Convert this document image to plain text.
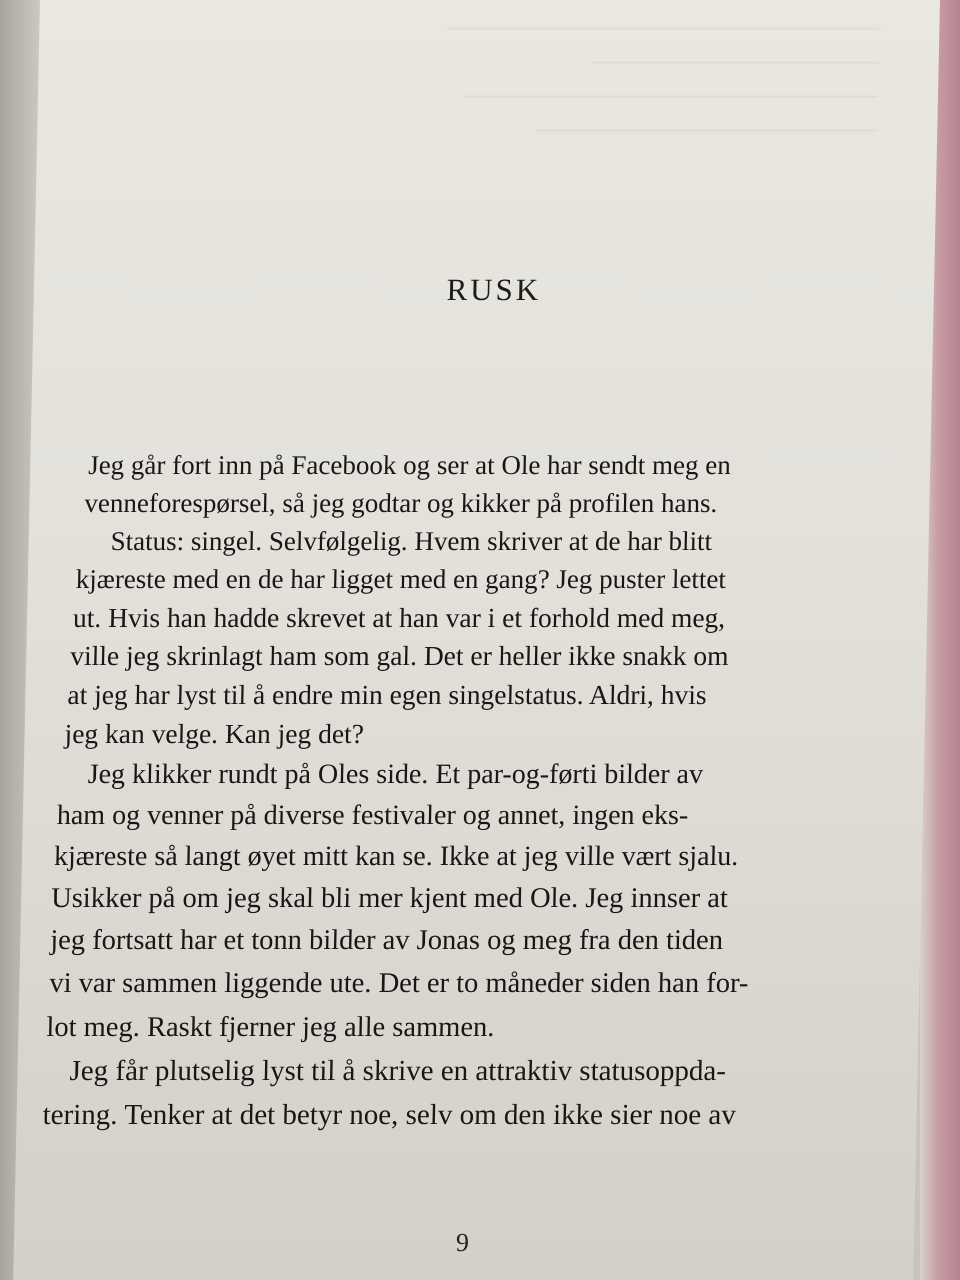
————————————————————————
————————————————
———————————————————————
———————————————————
RUSK
Jeg går fort inn på Facebook og ser at Ole har sendt meg en
venneforespørsel, så jeg godtar og kikker på profilen hans.
Status: singel. Selvfølgelig. Hvem skriver at de har blitt
kjæreste med en de har ligget med en gang? Jeg puster lettet
ut. Hvis han hadde skrevet at han var i et forhold med meg,
ville jeg skrinlagt ham som gal. Det er heller ikke snakk om
at jeg har lyst til å endre min egen singelstatus. Aldri, hvis
jeg kan velge. Kan jeg det?
Jeg klikker rundt på Oles side. Et par-og-førti bilder av
ham og venner på diverse festivaler og annet, ingen eks-
kjæreste så langt øyet mitt kan se. Ikke at jeg ville vært sjalu.
Usikker på om jeg skal bli mer kjent med Ole. Jeg innser at
jeg fortsatt har et tonn bilder av Jonas og meg fra den tiden
vi var sammen liggende ute. Det er to måneder siden han for-
lot meg. Raskt fjerner jeg alle sammen.
Jeg får plutselig lyst til å skrive en attraktiv statusoppda-
tering. Tenker at det betyr noe, selv om den ikke sier noe av
9
